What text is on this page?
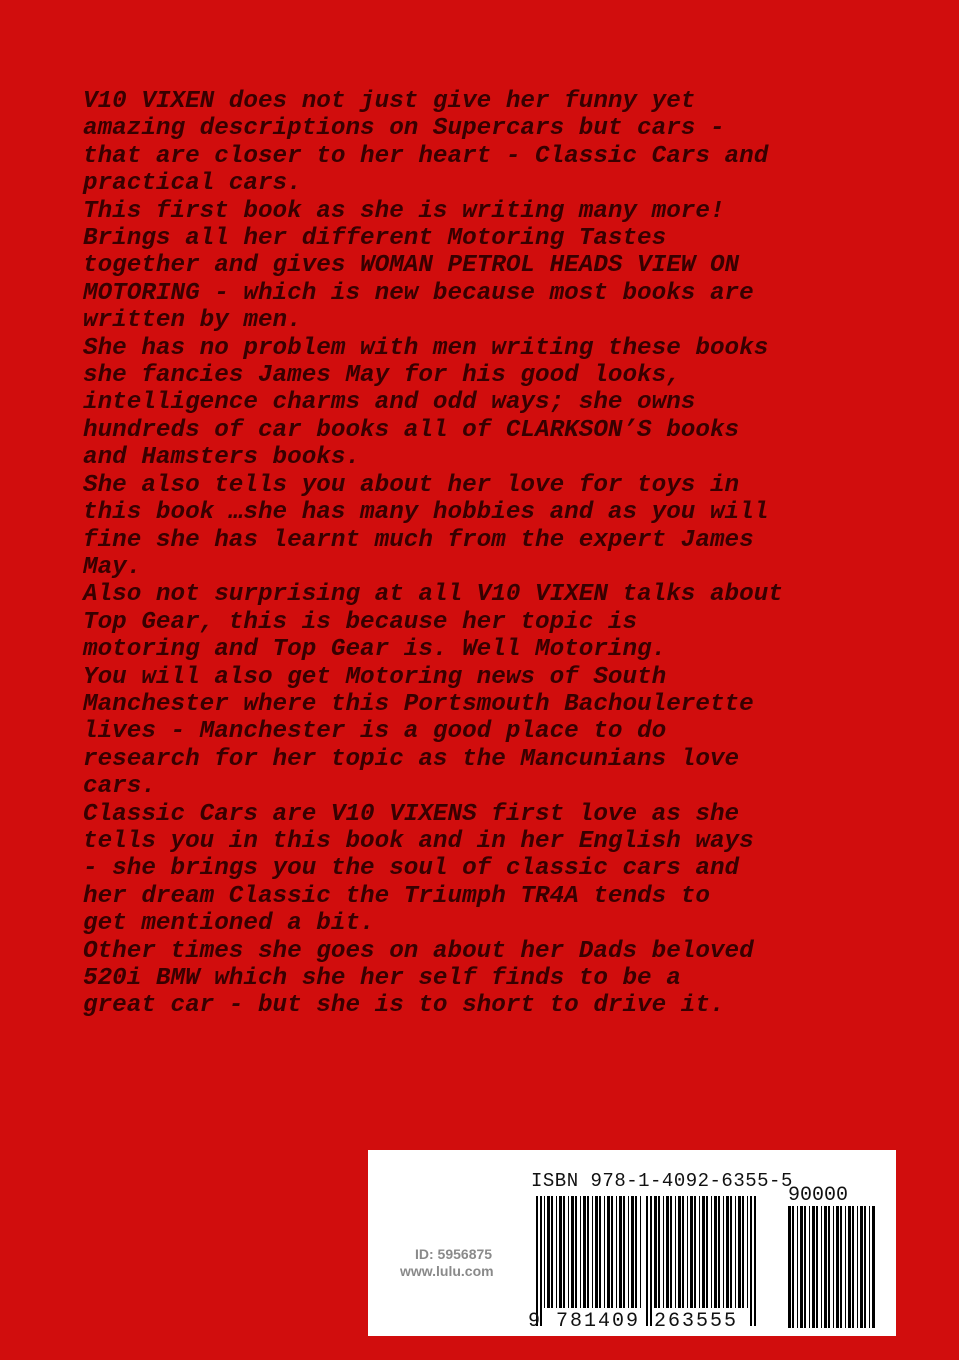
V10 VIXEN does not just give her funny yet
amazing descriptions on Supercars but cars -
that are closer to her heart - Classic Cars and
practical cars.
This first book as she is writing many more!
Brings all her different Motoring Tastes
together and gives WOMAN PETROL HEADS VIEW ON
MOTORING - which is new because most books are
written by men.
She has no problem with men writing these books
she fancies James May for his good looks,
intelligence charms and odd ways; she owns
hundreds of car books all of CLARKSON’S books
and Hamsters books.
She also tells you about her love for toys in
this book …she has many hobbies and as you will
fine she has learnt much from the expert James
May.
Also not surprising at all V10 VIXEN talks about
Top Gear, this is because her topic is
motoring and Top Gear is. Well Motoring.
You will also get Motoring news of South
Manchester where this Portsmouth Bachoulerette
lives - Manchester is a good place to do
research for her topic as the Mancunians love
cars.
Classic Cars are V10 VIXENS first love as she
tells you in this book and in her English ways
- she brings you the soul of classic cars and
her dream Classic the Triumph TR4A tends to
get mentioned a bit.
Other times she goes on about her Dads beloved
520i BMW which she her self finds to be a
great car - but she is to short to drive it.
ISBN 978-1-4092-6355-5
90000
9 781409 263555
ID: 5956875
www.lulu.com
